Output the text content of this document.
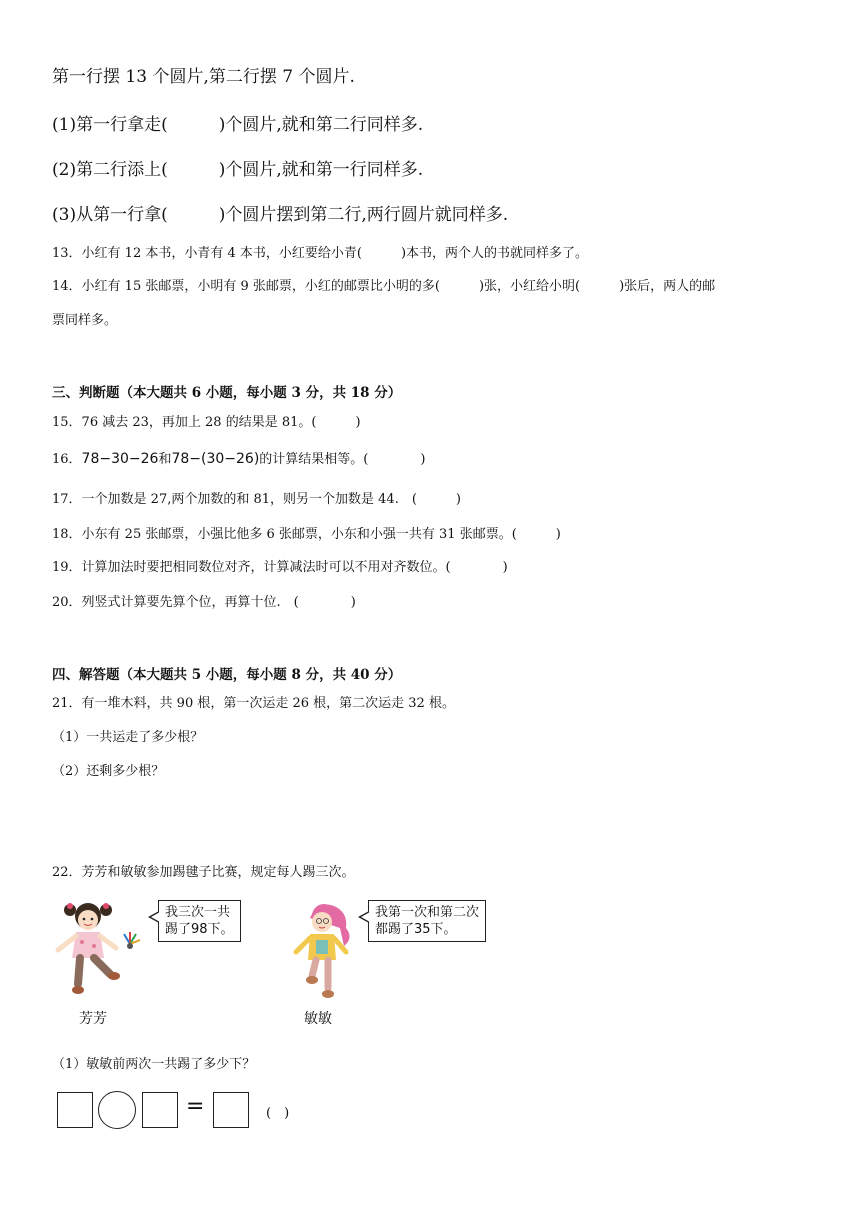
第一行摆 13 个圆片,第二行摆 7 个圆片.
(1)第一行拿走(　　　)个圆片,就和第二行同样多.
(2)第二行添上(　　　)个圆片,就和第一行同样多.
(3)从第一行拿(　　　)个圆片摆到第二行,两行圆片就同样多.
13．小红有 12 本书，小青有 4 本书，小红要给小青(　　　)本书，两个人的书就同样多了。
14．小红有 15 张邮票，小明有 9 张邮票，小红的邮票比小明的多(　　　)张，小红给小明(　　　)张后，两人的邮
票同样多。
三、判断题（本大题共 6 小题，每小题 3 分，共 18 分）
15．76 减去 23，再加上 28 的结果是 81。(　　　)
16．78−30−26和78−(30−26)的计算结果相等。(　　　　)
17．一个加数是 27,两个加数的和 81，则另一个加数是 44.　(　　　)
18．小东有 25 张邮票，小强比他多 6 张邮票，小东和小强一共有 31 张邮票。(　　　)
19．计算加法时要把相同数位对齐，计算减法时可以不用对齐数位。(　　　　)
20．列竖式计算要先算个位，再算十位.　(　　　　)
四、解答题（本大题共 5 小题，每小题 8 分，共 40 分）
21．有一堆木料，共 90 根，第一次运走 26 根，第二次运走 32 根。
（1）一共运走了多少根？
（2）还剩多少根？
22．芳芳和敏敏参加踢毽子比赛，规定每人踢三次。
我三次一共
踢了98下。
芳芳
我第一次和第二次
都踢了35下。
敏敏
（1）敏敏前两次一共踢了多少下？
=	(　)
